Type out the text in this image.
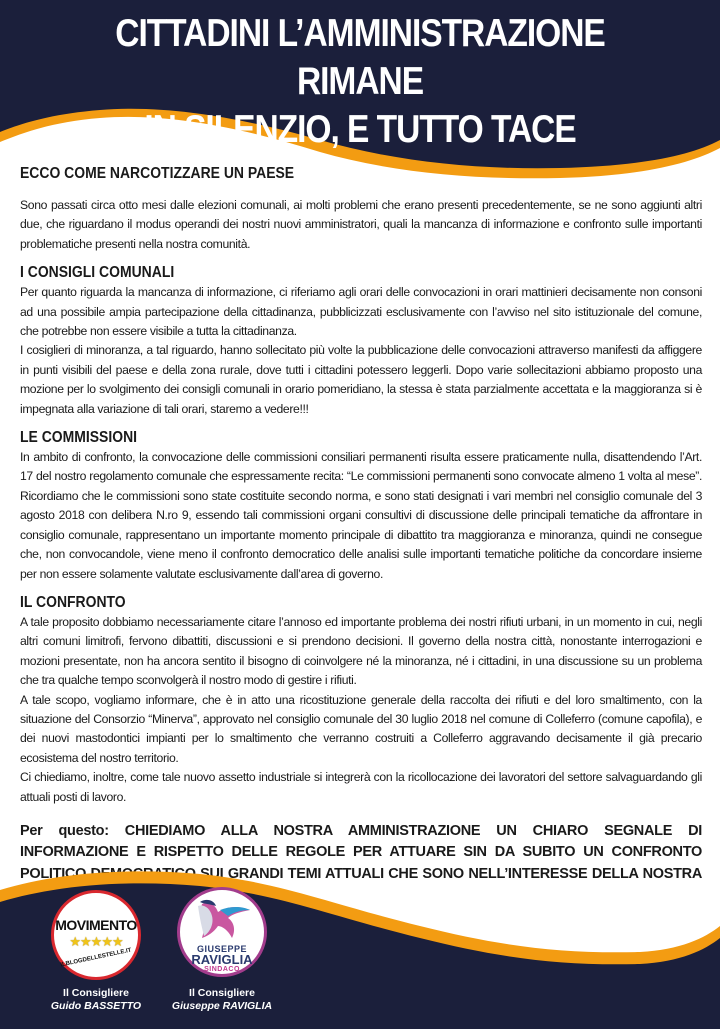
CITTADINI L’AMMINISTRAZIONE RIMANE
IN SILENZIO, E TUTTO TACE
ECCO COME NARCOTIZZARE UN PAESE

Sono passati circa otto mesi dalle elezioni comunali, ai molti problemi che erano presenti precedentemente, se ne sono aggiunti altri due, che riguardano il modus operandi dei nostri nuovi amministratori, quali la mancanza di informazione e confronto sulle importanti problematiche presenti nella nostra comunità.

I CONSIGLI COMUNALI

Per quanto riguarda la mancanza di informazione, ci riferiamo agli orari delle convocazioni in orari mattinieri decisamente non consoni ad una possibile ampia partecipazione della cittadinanza, pubblicizzati esclusivamente con l’avviso nel sito istituzionale del comune, che potrebbe non essere visibile a tutta la cittadinanza.

I cosiglieri di minoranza, a tal riguardo, hanno sollecitato più volte la pubblicazione delle convocazioni attraverso manifesti da affiggere in punti visibili del paese e della zona rurale, dove tutti i cittadini potessero leggerli. Dopo varie sollecitazioni abbiamo proposto una mozione per lo svolgimento dei consigli comunali in orario pomeridiano, la stessa è stata parzialmente accettata e la maggioranza si è impegnata alla variazione di tali orari, staremo a vedere!!!

LE COMMISSIONI

In ambito di confronto, la convocazione delle commissioni consiliari permanenti risulta essere praticamente nulla, disattendendo l’Art. 17 del nostro regolamento comunale che espressamente recita: “Le commissioni permanenti sono convocate almeno 1 volta al mese”. Ricordiamo che le commissioni sono state costituite secondo norma, e sono stati designati i vari membri nel consiglio comunale del 3 agosto 2018 con delibera N.ro 9, essendo tali commissioni organi consultivi di discussione delle principali tematiche da affrontare in consiglio comunale, rappresentano un importante momento principale di dibattito tra maggioranza e minoranza, quindi ne consegue che, non convocandole, viene meno il confronto democratico delle analisi sulle importanti tematiche politiche da concordare insieme per non essere solamente valutate esclusivamente dall’area di governo.

IL CONFRONTO

A tale proposito dobbiamo necessariamente citare l’annoso ed importante problema dei nostri rifiuti urbani, in un momento in cui, negli altri comuni limitrofi, fervono dibattiti, discussioni e si prendono decisioni. Il governo della nostra città, nonostante interrogazioni e mozioni presentate, non ha ancora sentito il bisogno di coinvolgere né la minoranza, né i cittadini, in una discussione su un problema che tra qualche tempo sconvolgerà il nostro modo di gestire i rifiuti.

A tale scopo, vogliamo informare, che è in atto una ricostituzione generale della raccolta dei rifiuti e del loro smaltimento, con la situazione del Consorzio “Minerva”, approvato nel consiglio comunale del 30 luglio 2018 nel comune di Colleferro (comune capofila), e dei nuovi mastodontici impianti per lo smaltimento che verranno costruiti a Colleferro aggravando decisamente il già precario ecosistema del nostro territorio.

Ci chiediamo, inoltre, come tale nuovo assetto industriale si integrerà con la ricollocazione dei lavoratori del settore salvaguardando gli attuali posti di lavoro.

Per questo: CHIEDIAMO ALLA NOSTRA AMMINISTRAZIONE UN CHIARO SEGNALE DI INFORMAZIONE E RISPETTO DELLE REGOLE PER ATTUARE SIN DA SUBITO UN CONFRONTO POLITICO SUI GRANDI TEMI ATTUALI CHE SONO NELL’INTERESSE DELLA NOSTRA

MOVIMENTO
★★★★★
ILBLOGDELLESTELLE.IT	GIUSEPPE
RAVIGLIA
SINDACO
Il Consigliere
Guido BASSETTO
Il Consigliere
Giuseppe RAVIGLIA
